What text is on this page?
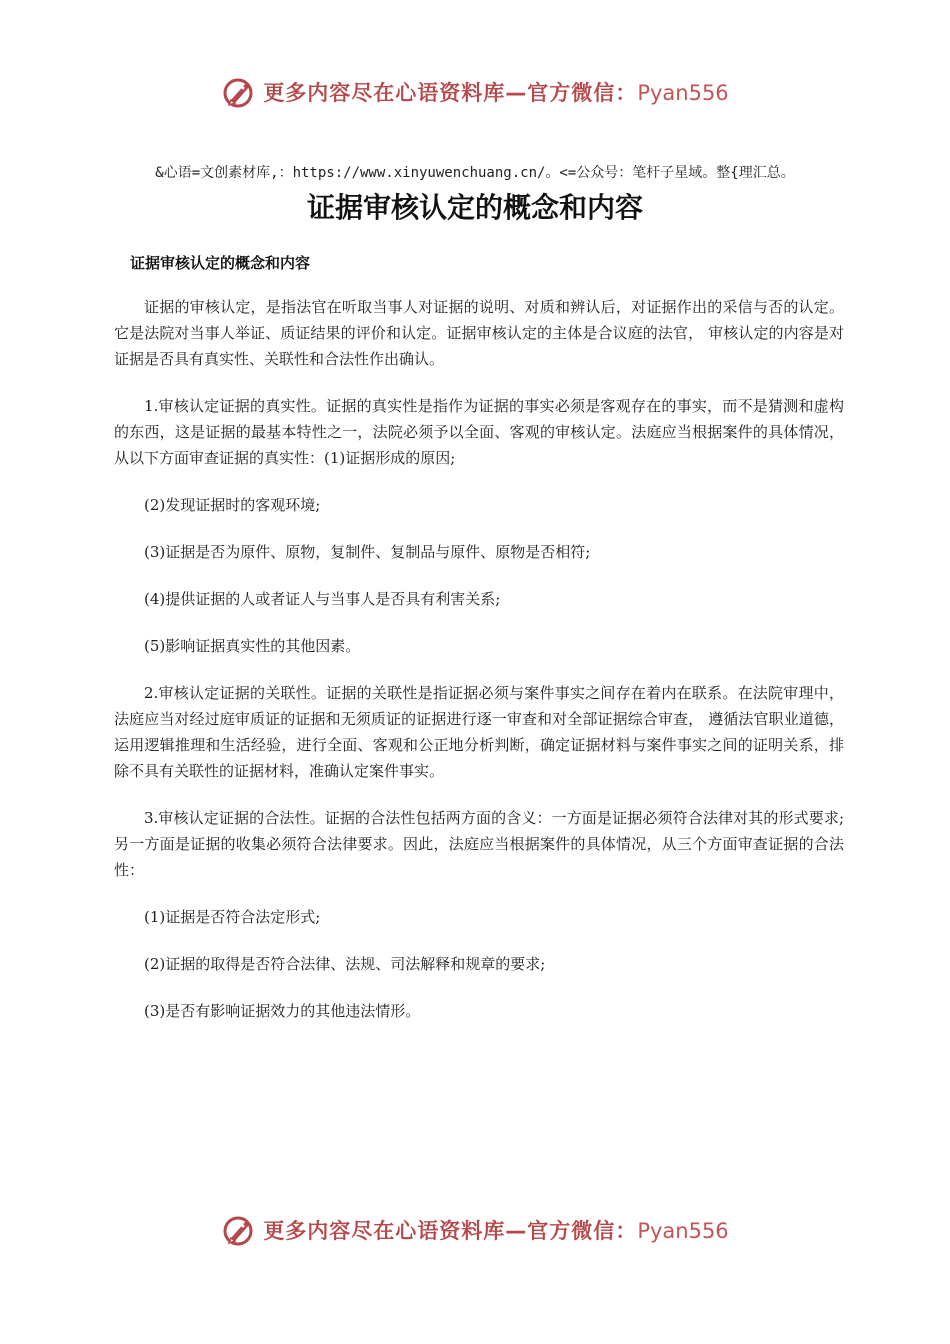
更多内容尽在心语资料库—官方微信：Pyan556
&心语=文创素材库,：https://www.xinyuwenchuang.cn/。<=公众号：笔杆子星域。整{理汇总。
证据审核认定的概念和内容
证据审核认定的概念和内容

证据的审核认定，是指法官在听取当事人对证据的说明、对质和辨认后，对证据作出的采信与否的认定。它是法院对当事人举证、质证结果的评价和认定。证据审核认定的主体是合议庭的法官， 审核认定的内容是对证据是否具有真实性、关联性和合法性作出确认。

1.审核认定证据的真实性。证据的真实性是指作为证据的事实必须是客观存在的事实，而不是猜测和虚构的东西，这是证据的最基本特性之一，法院必须予以全面、客观的审核认定。法庭应当根据案件的具体情况，从以下方面审查证据的真实性：(1)证据形成的原因;

(2)发现证据时的客观环境;

(3)证据是否为原件、原物，复制件、复制品与原件、原物是否相符;

(4)提供证据的人或者证人与当事人是否具有利害关系;

(5)影响证据真实性的其他因素。

2.审核认定证据的关联性。证据的关联性是指证据必须与案件事实之间存在着内在联系。在法院审理中，法庭应当对经过庭审质证的证据和无须质证的证据进行逐一审查和对全部证据综合审查， 遵循法官职业道德，运用逻辑推理和生活经验，进行全面、客观和公正地分析判断，确定证据材料与案件事实之间的证明关系，排除不具有关联性的证据材料，准确认定案件事实。

3.审核认定证据的合法性。证据的合法性包括两方面的含义：一方面是证据必须符合法律对其的形式要求;另一方面是证据的收集必须符合法律要求。因此，法庭应当根据案件的具体情况，从三个方面审查证据的合法性：

(1)证据是否符合法定形式;

(2)证据的取得是否符合法律、法规、司法解释和规章的要求;

(3)是否有影响证据效力的其他违法情形。

更多内容尽在心语资料库—官方微信：Pyan556
